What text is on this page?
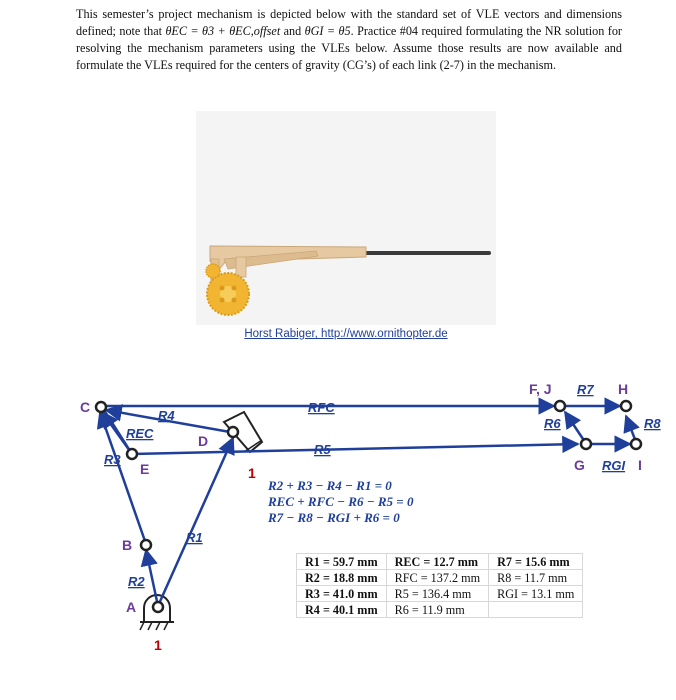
This semester’s project mechanism is depicted below with the standard set of VLE vectors and dimensions defined; note that θEC = θ3 + θEC,offset and θGI = θ5. Practice #04 required formulating the NR solution for resolving the mechanism parameters using the VLEs below. Assume those results are now available and formulate the VLEs required for the centers of gravity (CG’s) of each link (2-7) in the mechanism.

Horst Rabiger, http://www.ornithopter.de
C
D
E
B
A
F, J	H
G	I
1
1
R1
R2
R3
R4
REC
RFC
R5
R6
R7
R8
RGI
R2 + R3 − R4 − R1 = 0
REC + RFC − R6 − R5 = 0
R7 − R8 − RGI + R6 = 0
R1 = 59.7 mm	REC = 12.7 mm	R7 = 15.6 mm
R2 = 18.8 mm	RFC = 137.2 mm	R8 = 11.7 mm
R3 = 41.0 mm	R5 = 136.4 mm	RGI = 13.1 mm
R4 = 40.1 mm	R6 = 11.9 mm	
